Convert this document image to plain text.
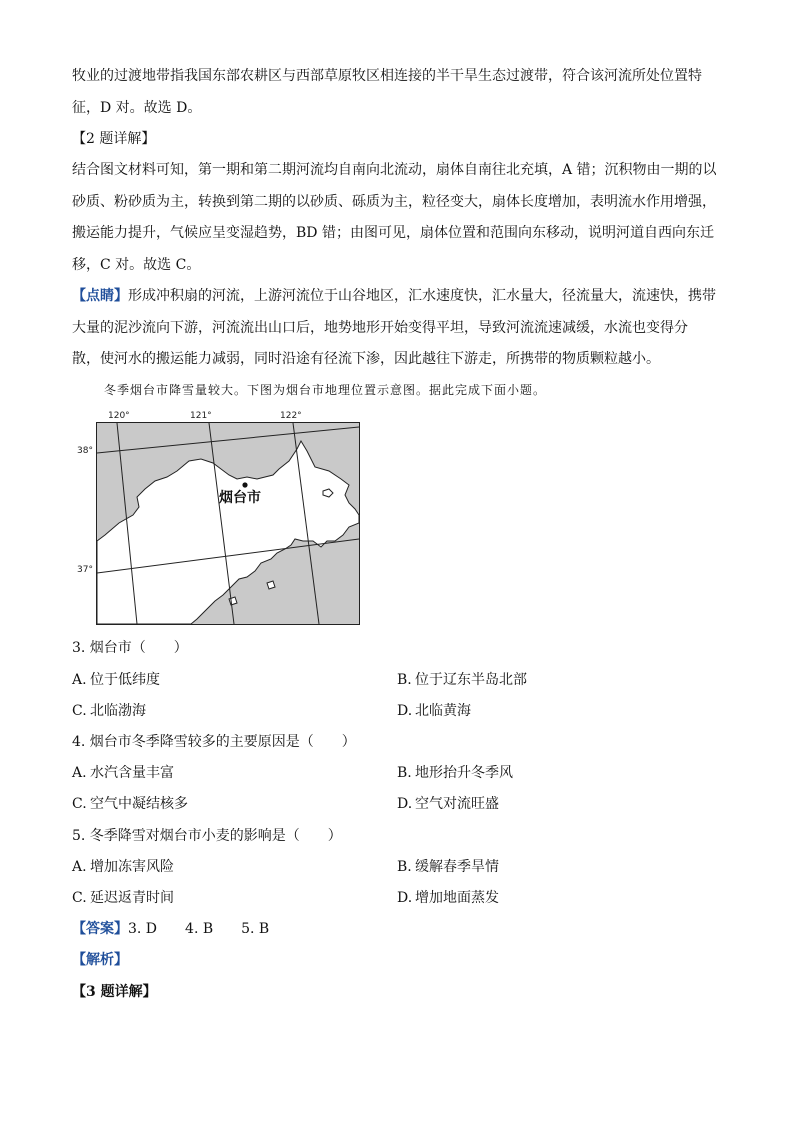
牧业的过渡地带指我国东部农耕区与西部草原牧区相连接的半干旱生态过渡带，符合该河流所处位置特
征，D 对。故选 D。
【2 题详解】
结合图文材料可知，第一期和第二期河流均自南向北流动，扇体自南往北充填，A 错；沉积物由一期的以
砂质、粉砂质为主，转换到第二期的以砂质、砾质为主，粒径变大，扇体长度增加，表明流水作用增强，
搬运能力提升，气候应呈变湿趋势，BD 错；由图可见，扇体位置和范围向东移动，说明河道自西向东迁
移，C 对。故选 C。
【点睛】形成冲积扇的河流，上游河流位于山谷地区，汇水速度快，汇水量大，径流量大，流速快，携带
大量的泥沙流向下游，河流流出山口后，地势地形开始变得平坦，导致河流流速减缓，水流也变得分
散，使河水的搬运能力减弱，同时沿途有径流下渗，因此越往下游走，所携带的物质颗粒越小。
冬季烟台市降雪量较大。下图为烟台市地理位置示意图。据此完成下面小题。
120°	121°	122°
38°
37°
烟台市
3. 烟台市（　　）
A. 位于低纬度	B. 位于辽东半岛北部
C. 北临渤海	D. 北临黄海
4. 烟台市冬季降雪较多的主要原因是（　　）
A. 水汽含量丰富	B. 地形抬升冬季风
C. 空气中凝结核多	D. 空气对流旺盛
5. 冬季降雪对烟台市小麦的影响是（　　）
A. 增加冻害风险	B. 缓解春季旱情
C. 延迟返青时间	D. 增加地面蒸发
【答案】3. D　　4. B　　5. B
【解析】
【3 题详解】
